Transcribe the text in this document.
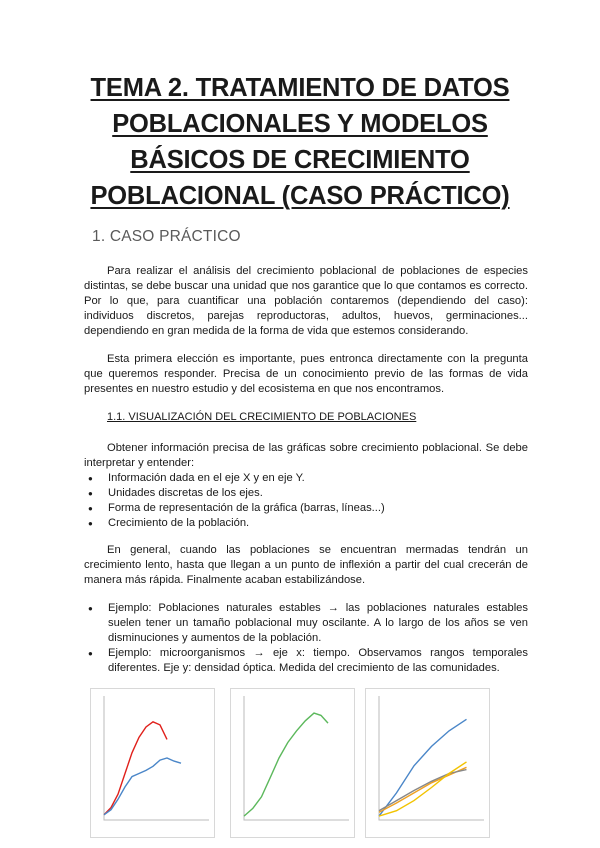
TEMA 2. TRATAMIENTO DE DATOS
POBLACIONALES Y MODELOS
BÁSICOS DE CRECIMIENTO
POBLACIONAL (CASO PRÁCTICO)
1. CASO PRÁCTICO
Para realizar el análisis del crecimiento poblacional de poblaciones de especies distintas, se debe buscar una unidad que nos garantice que lo que contamos es correcto. Por lo que, para cuantificar una población contaremos (dependiendo del caso): individuos discretos, parejas reproductoras, adultos, huevos, germinaciones... dependiendo en gran medida de la forma de vida que estemos considerando.
Esta primera elección es importante, pues entronca directamente con la pregunta que queremos responder. Precisa de un conocimiento previo de las formas de vida presentes en nuestro estudio y del ecosistema en que nos encontramos.
1.1. VISUALIZACIÓN DEL CRECIMIENTO DE POBLACIONES
Obtener información precisa de las gráficas sobre crecimiento poblacional. Se debe interpretar y entender:
● Información dada en el eje X y en eje Y.
● Unidades discretas de los ejes.
● Forma de representación de la gráfica (barras, líneas...)
● Crecimiento de la población.
En general, cuando las poblaciones se encuentran mermadas tendrán un crecimiento lento, hasta que llegan a un punto de inflexión a partir del cual crecerán de manera más rápida. Finalmente acaban estabilizándose.
● Ejemplo: Poblaciones naturales estables → las poblaciones naturales estables suelen tener un tamaño poblacional muy oscilante. A lo largo de los años se ven disminuciones y aumentos de la población.
● Ejemplo: microorganismos → eje x: tiempo. Observamos rangos temporales diferentes. Eje y: densidad óptica. Medida del crecimiento de las comunidades.
